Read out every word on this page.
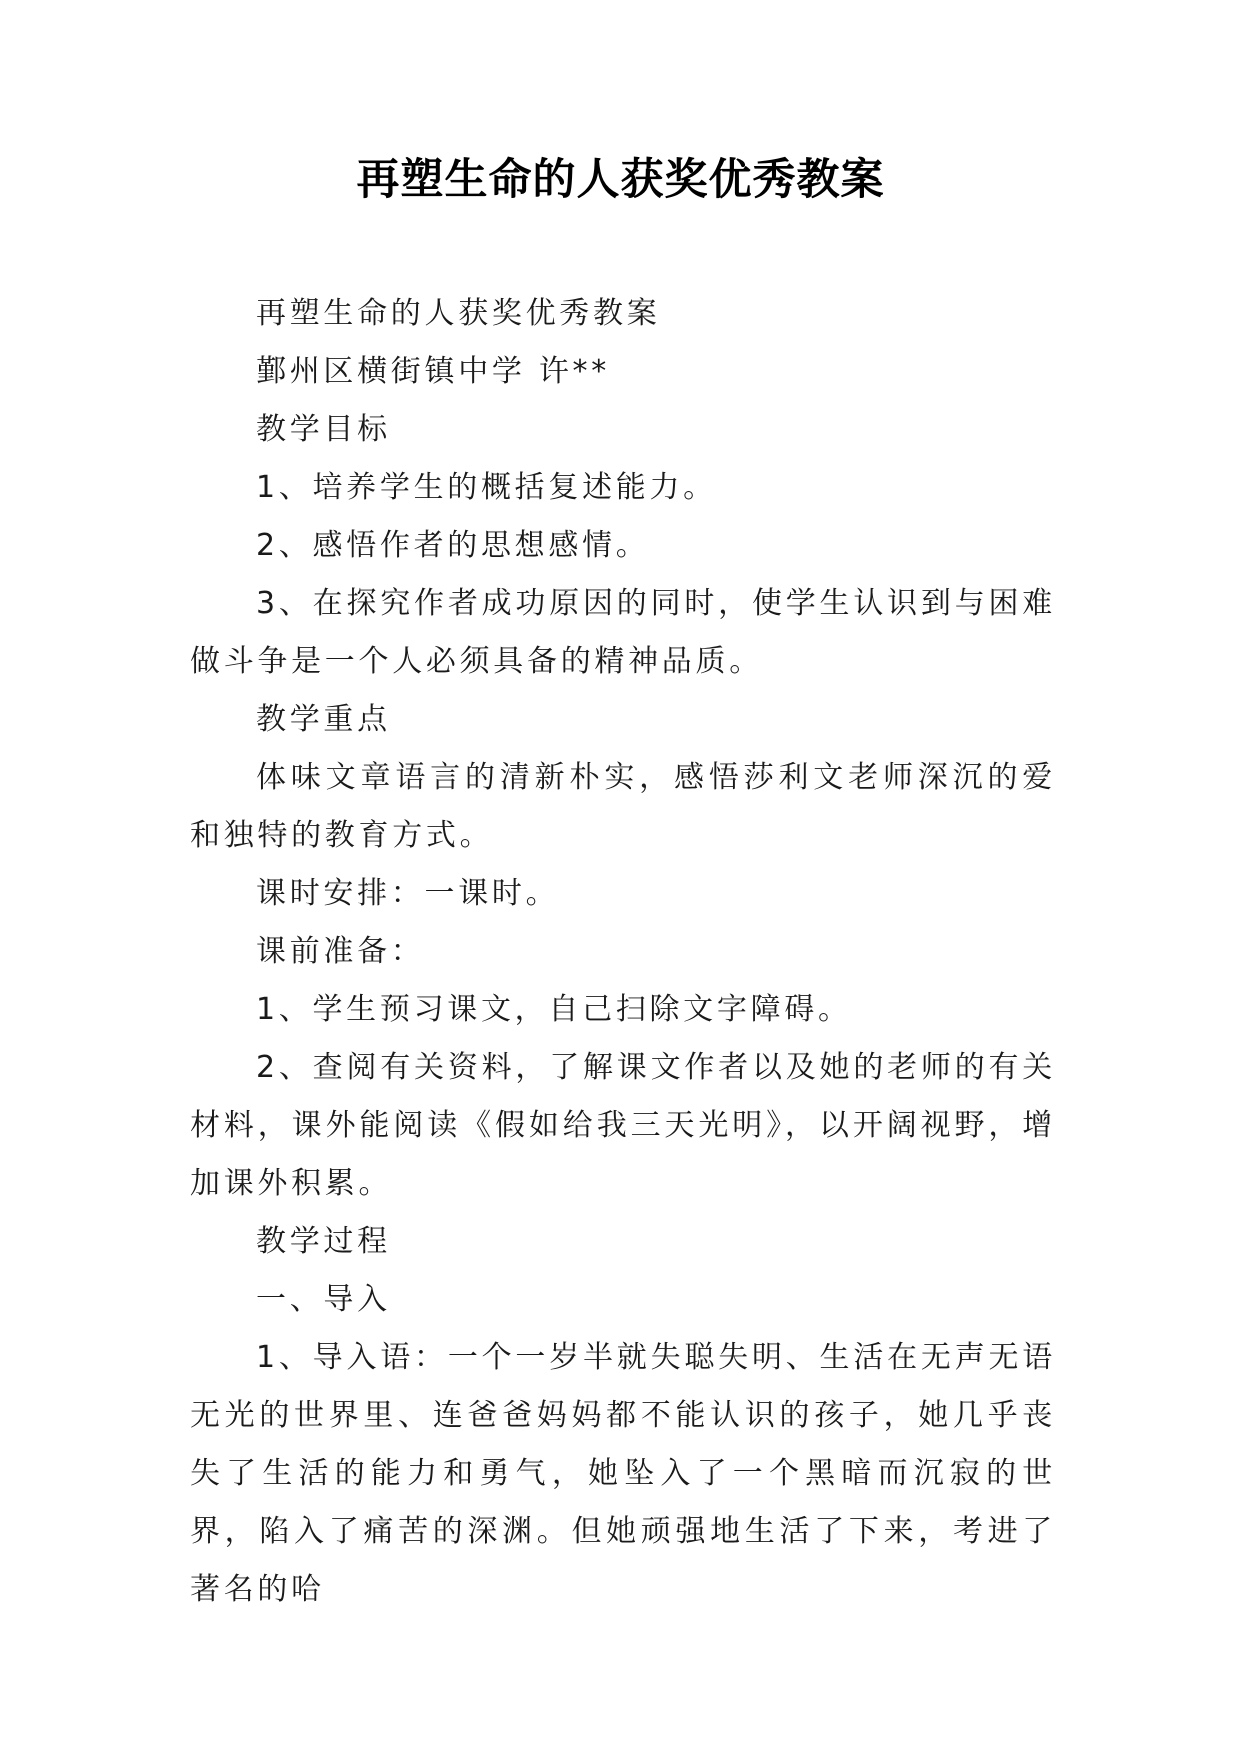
再塑生命的人获奖优秀教案

再塑生命的人获奖优秀教案

鄞州区横街镇中学 许**

教学目标

1、培养学生的概括复述能力。

2、感悟作者的思想感情。

3、在探究作者成功原因的同时，使学生认识到与困难做斗争是一个人必须具备的精神品质。

教学重点

体味文章语言的清新朴实，感悟莎利文老师深沉的爱和独特的教育方式。

课时安排：一课时。

课前准备：

1、学生预习课文，自己扫除文字障碍。

2、查阅有关资料，了解课文作者以及她的老师的有关材料，课外能阅读《假如给我三天光明》，以开阔视野，增加课外积累。

教学过程

一、导入

1、导入语：一个一岁半就失聪失明、生活在无声无语无光的世界里、连爸爸妈妈都不能认识的孩子，她几乎丧失了生活的能力和勇气，她坠入了一个黑暗而沉寂的世界，陷入了痛苦的深渊。但她顽强地生活了下来，考进了著名的哈
